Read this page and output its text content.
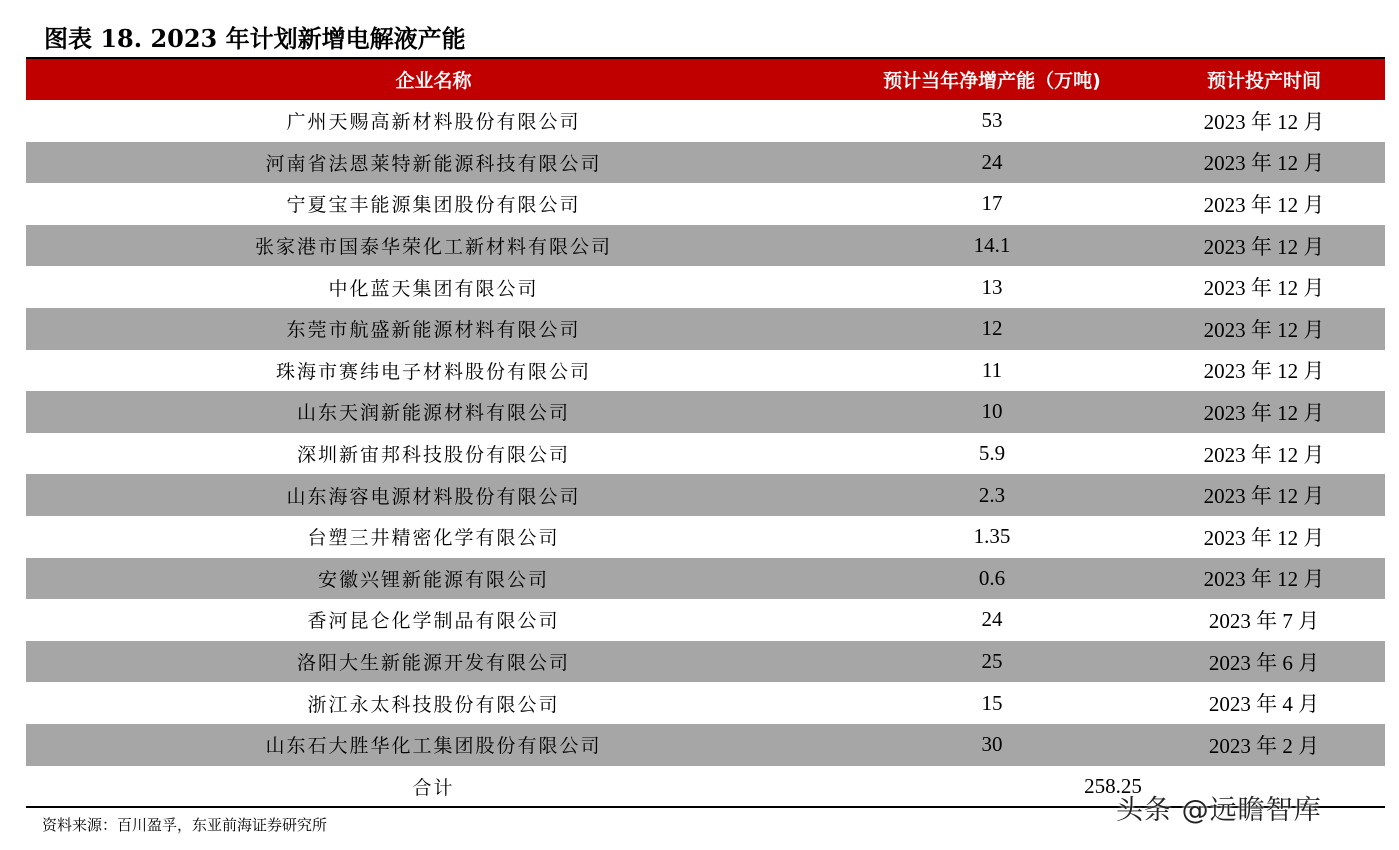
图表 18. 2023 年计划新增电解液产能
企业名称	预计当年净增产能（万吨)	预计投产时间
广州天赐高新材料股份有限公司	53	2023 年 12 月
河南省法恩莱特新能源科技有限公司	24	2023 年 12 月
宁夏宝丰能源集团股份有限公司	17	2023 年 12 月
张家港市国泰华荣化工新材料有限公司	14.1	2023 年 12 月
中化蓝天集团有限公司	13	2023 年 12 月
东莞市航盛新能源材料有限公司	12	2023 年 12 月
珠海市赛纬电子材料股份有限公司	11	2023 年 12 月
山东天润新能源材料有限公司	10	2023 年 12 月
深圳新宙邦科技股份有限公司	5.9	2023 年 12 月
山东海容电源材料股份有限公司	2.3	2023 年 12 月
台塑三井精密化学有限公司	1.35	2023 年 12 月
安徽兴锂新能源有限公司	0.6	2023 年 12 月
香河昆仑化学制品有限公司	24	2023 年 7 月
洛阳大生新能源开发有限公司	25	2023 年 6 月
浙江永太科技股份有限公司	15	2023 年 4 月
山东石大胜华化工集团股份有限公司	30	2023 年 2 月
合计	258.25	
资料来源：百川盈孚，东亚前海证券研究所	头条 @远瞻智库
